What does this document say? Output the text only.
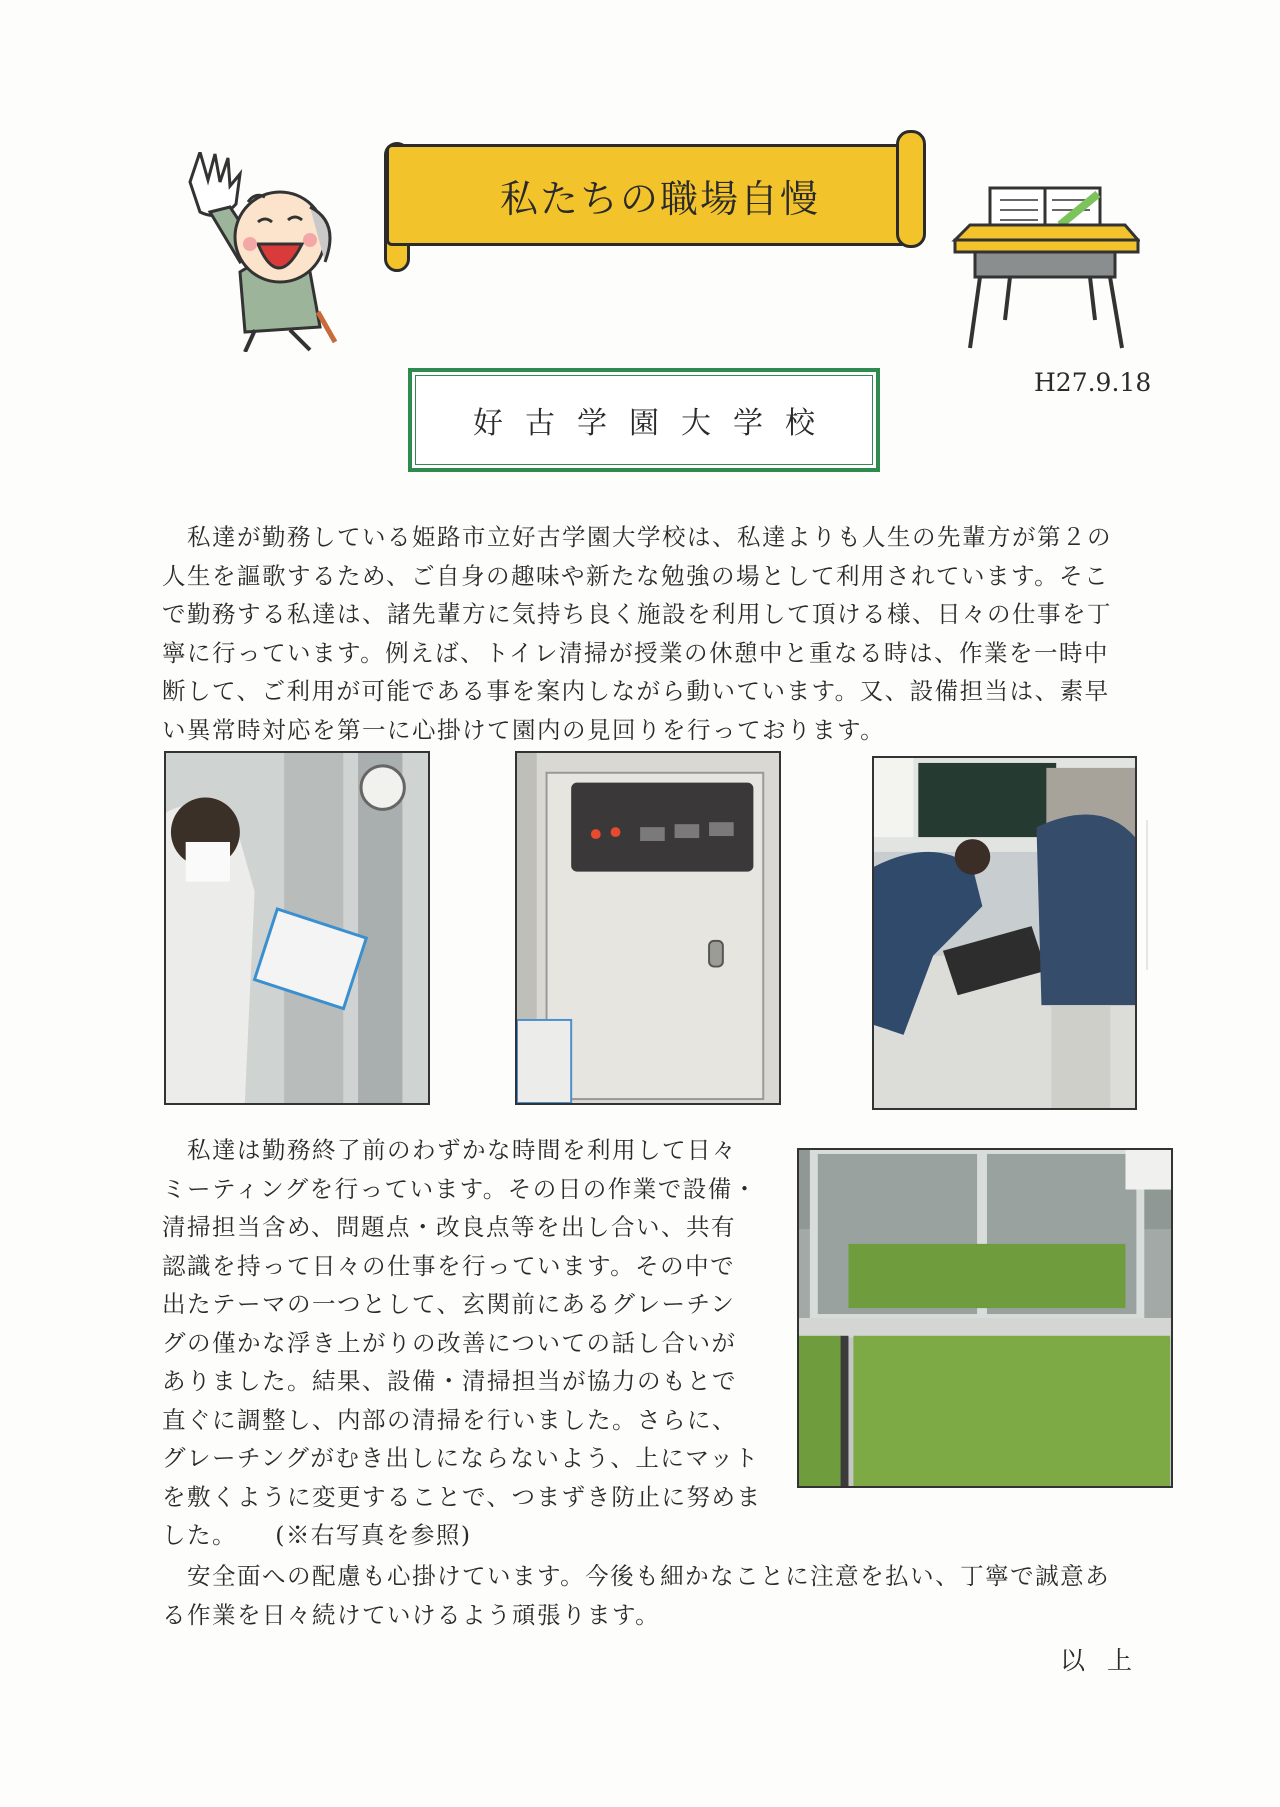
私たちの職場自慢
好古学園大学校
H27.9.18
　私達が勤務している姫路市立好古学園大学校は、私達よりも人生の先輩方が第２の
人生を謳歌するため、ご自身の趣味や新たな勉強の場として利用されています。そこ
で勤務する私達は、諸先輩方に気持ち良く施設を利用して頂ける様、日々の仕事を丁
寧に行っています。例えば、トイレ清掃が授業の休憩中と重なる時は、作業を一時中
断して、ご利用が可能である事を案内しながら動いています。又、設備担当は、素早
い異常時対応を第一に心掛けて園内の見回りを行っております。
　私達は勤務終了前のわずかな時間を利用して日々
ミーティングを行っています。その日の作業で設備・
清掃担当含め、問題点・改良点等を出し合い、共有
認識を持って日々の仕事を行っています。その中で
出たテーマの一つとして、玄関前にあるグレーチン
グの僅かな浮き上がりの改善についての話し合いが
ありました。結果、設備・清掃担当が協力のもとで
直ぐに調整し、内部の清掃を行いました。さらに、
グレーチングがむき出しにならないよう、上にマット
を敷くように変更することで、つまずき防止に努めま
した。　　(※右写真を参照)
　安全面への配慮も心掛けています。今後も細かなことに注意を払い、丁寧で誠意あ
る作業を日々続けていけるよう頑張ります。
以上
